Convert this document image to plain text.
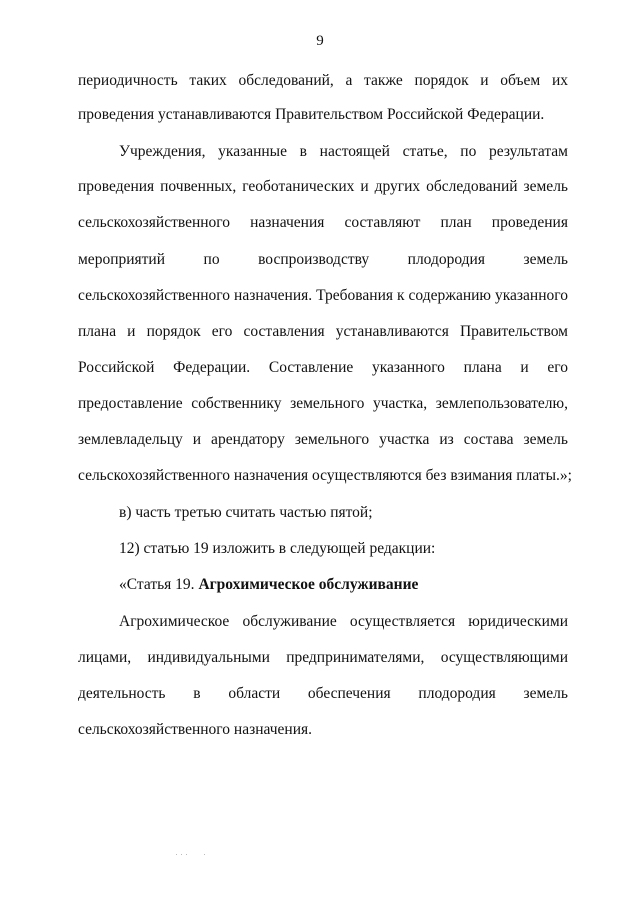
9
периодичность таких обследований, а также порядок и объем их
проведения устанавливаются Правительством Российской Федерации.
Учреждения, указанные в настоящей статье, по результатам
проведения почвенных, геоботанических и других обследований земель
сельскохозяйственного назначения составляют план проведения
мероприятий по воспроизводству плодородия земель
сельскохозяйственного назначения. Требования к содержанию указанного
плана и порядок его составления устанавливаются Правительством
Российской Федерации. Составление указанного плана и его
предоставление собственнику земельного участка, землепользователю,
землевладельцу и арендатору земельного участка из состава земель
сельскохозяйственного назначения осуществляются без взимания платы.»;
в) часть третью считать частью пятой;
12) статью 19 изложить в следующей редакции:
«Статья 19. Агрохимическое обслуживание
Агрохимическое обслуживание осуществляется юридическими
лицами, индивидуальными предпринимателями, осуществляющими
деятельность в области обеспечения плодородия земель
сельскохозяйственного назначения.
